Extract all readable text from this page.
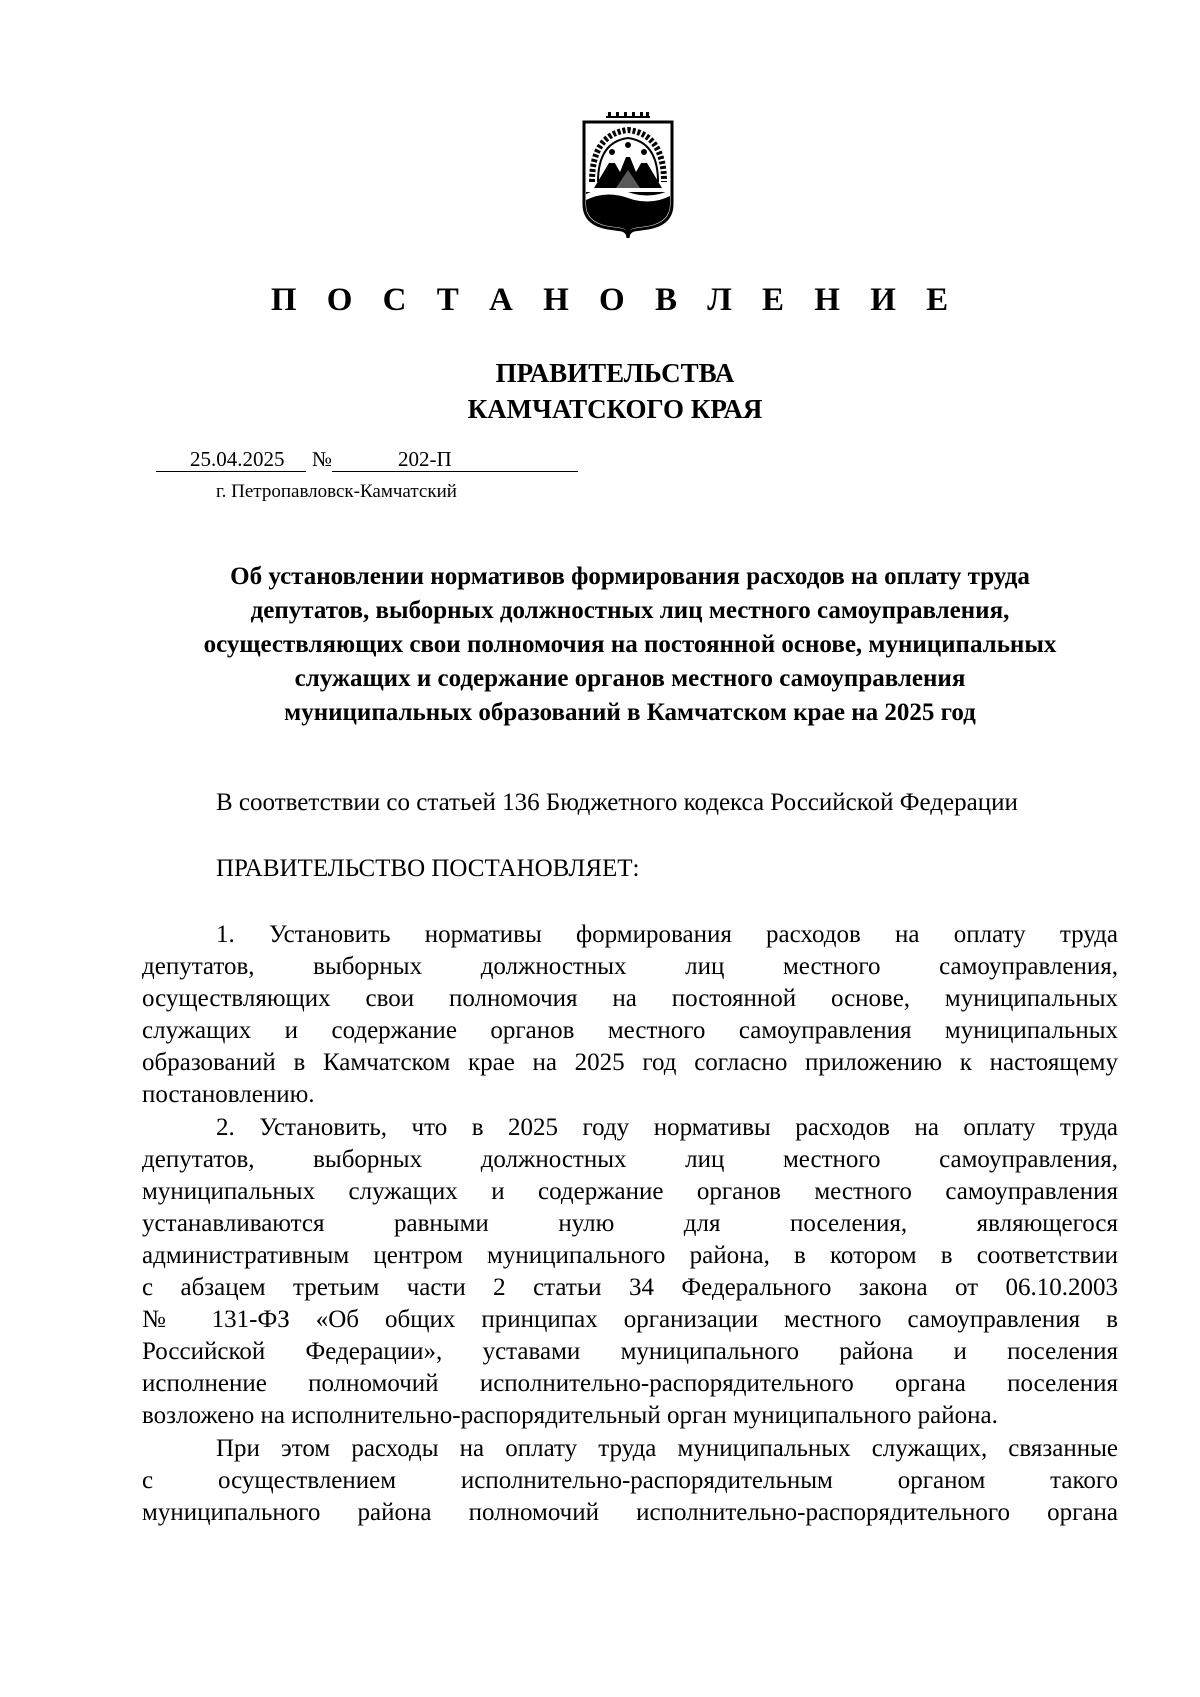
П О С Т А Н О В Л Е Н И Е
ПРАВИТЕЛЬСТВА
КАМЧАТСКОГО КРАЯ
25.04.2025 №	202-П
г. Петропавловск-Камчатский
Об установлении нормативов формирования расходов на оплату труда
депутатов, выборных должностных лиц местного самоуправления,
осуществляющих свои полномочия на постоянной основе, муниципальных
служащих и содержание органов местного самоуправления
муниципальных образований в Камчатском крае на 2025 год
В соответствии со статьей 136 Бюджетного кодекса Российской Федерации
ПРАВИТЕЛЬСТВО ПОСТАНОВЛЯЕТ:
1. Установить нормативы формирования расходов на оплату труда
депутатов, выборных должностных лиц местного самоуправления,
осуществляющих свои полномочия на постоянной основе, муниципальных
служащих и содержание органов местного самоуправления муниципальных
образований в Камчатском крае на 2025 год согласно приложению к настоящему
постановлению.
2. Установить, что в 2025 году нормативы расходов на оплату труда
депутатов, выборных должностных лиц местного самоуправления,
муниципальных служащих и содержание органов местного самоуправления
устанавливаются равными нулю для поселения, являющегося
административным центром муниципального района, в котором в соответствии
с абзацем третьим части 2 статьи 34 Федерального закона от 06.10.2003
№ 131-ФЗ «Об общих принципах организации местного самоуправления в
Российской Федерации», уставами муниципального района и поселения
исполнение полномочий исполнительно-распорядительного органа поселения
возложено на исполнительно-распорядительный орган муниципального района.
При этом расходы на оплату труда муниципальных служащих, связанные
с осуществлением исполнительно-распорядительным органом такого
муниципального района полномочий исполнительно-распорядительного органа
